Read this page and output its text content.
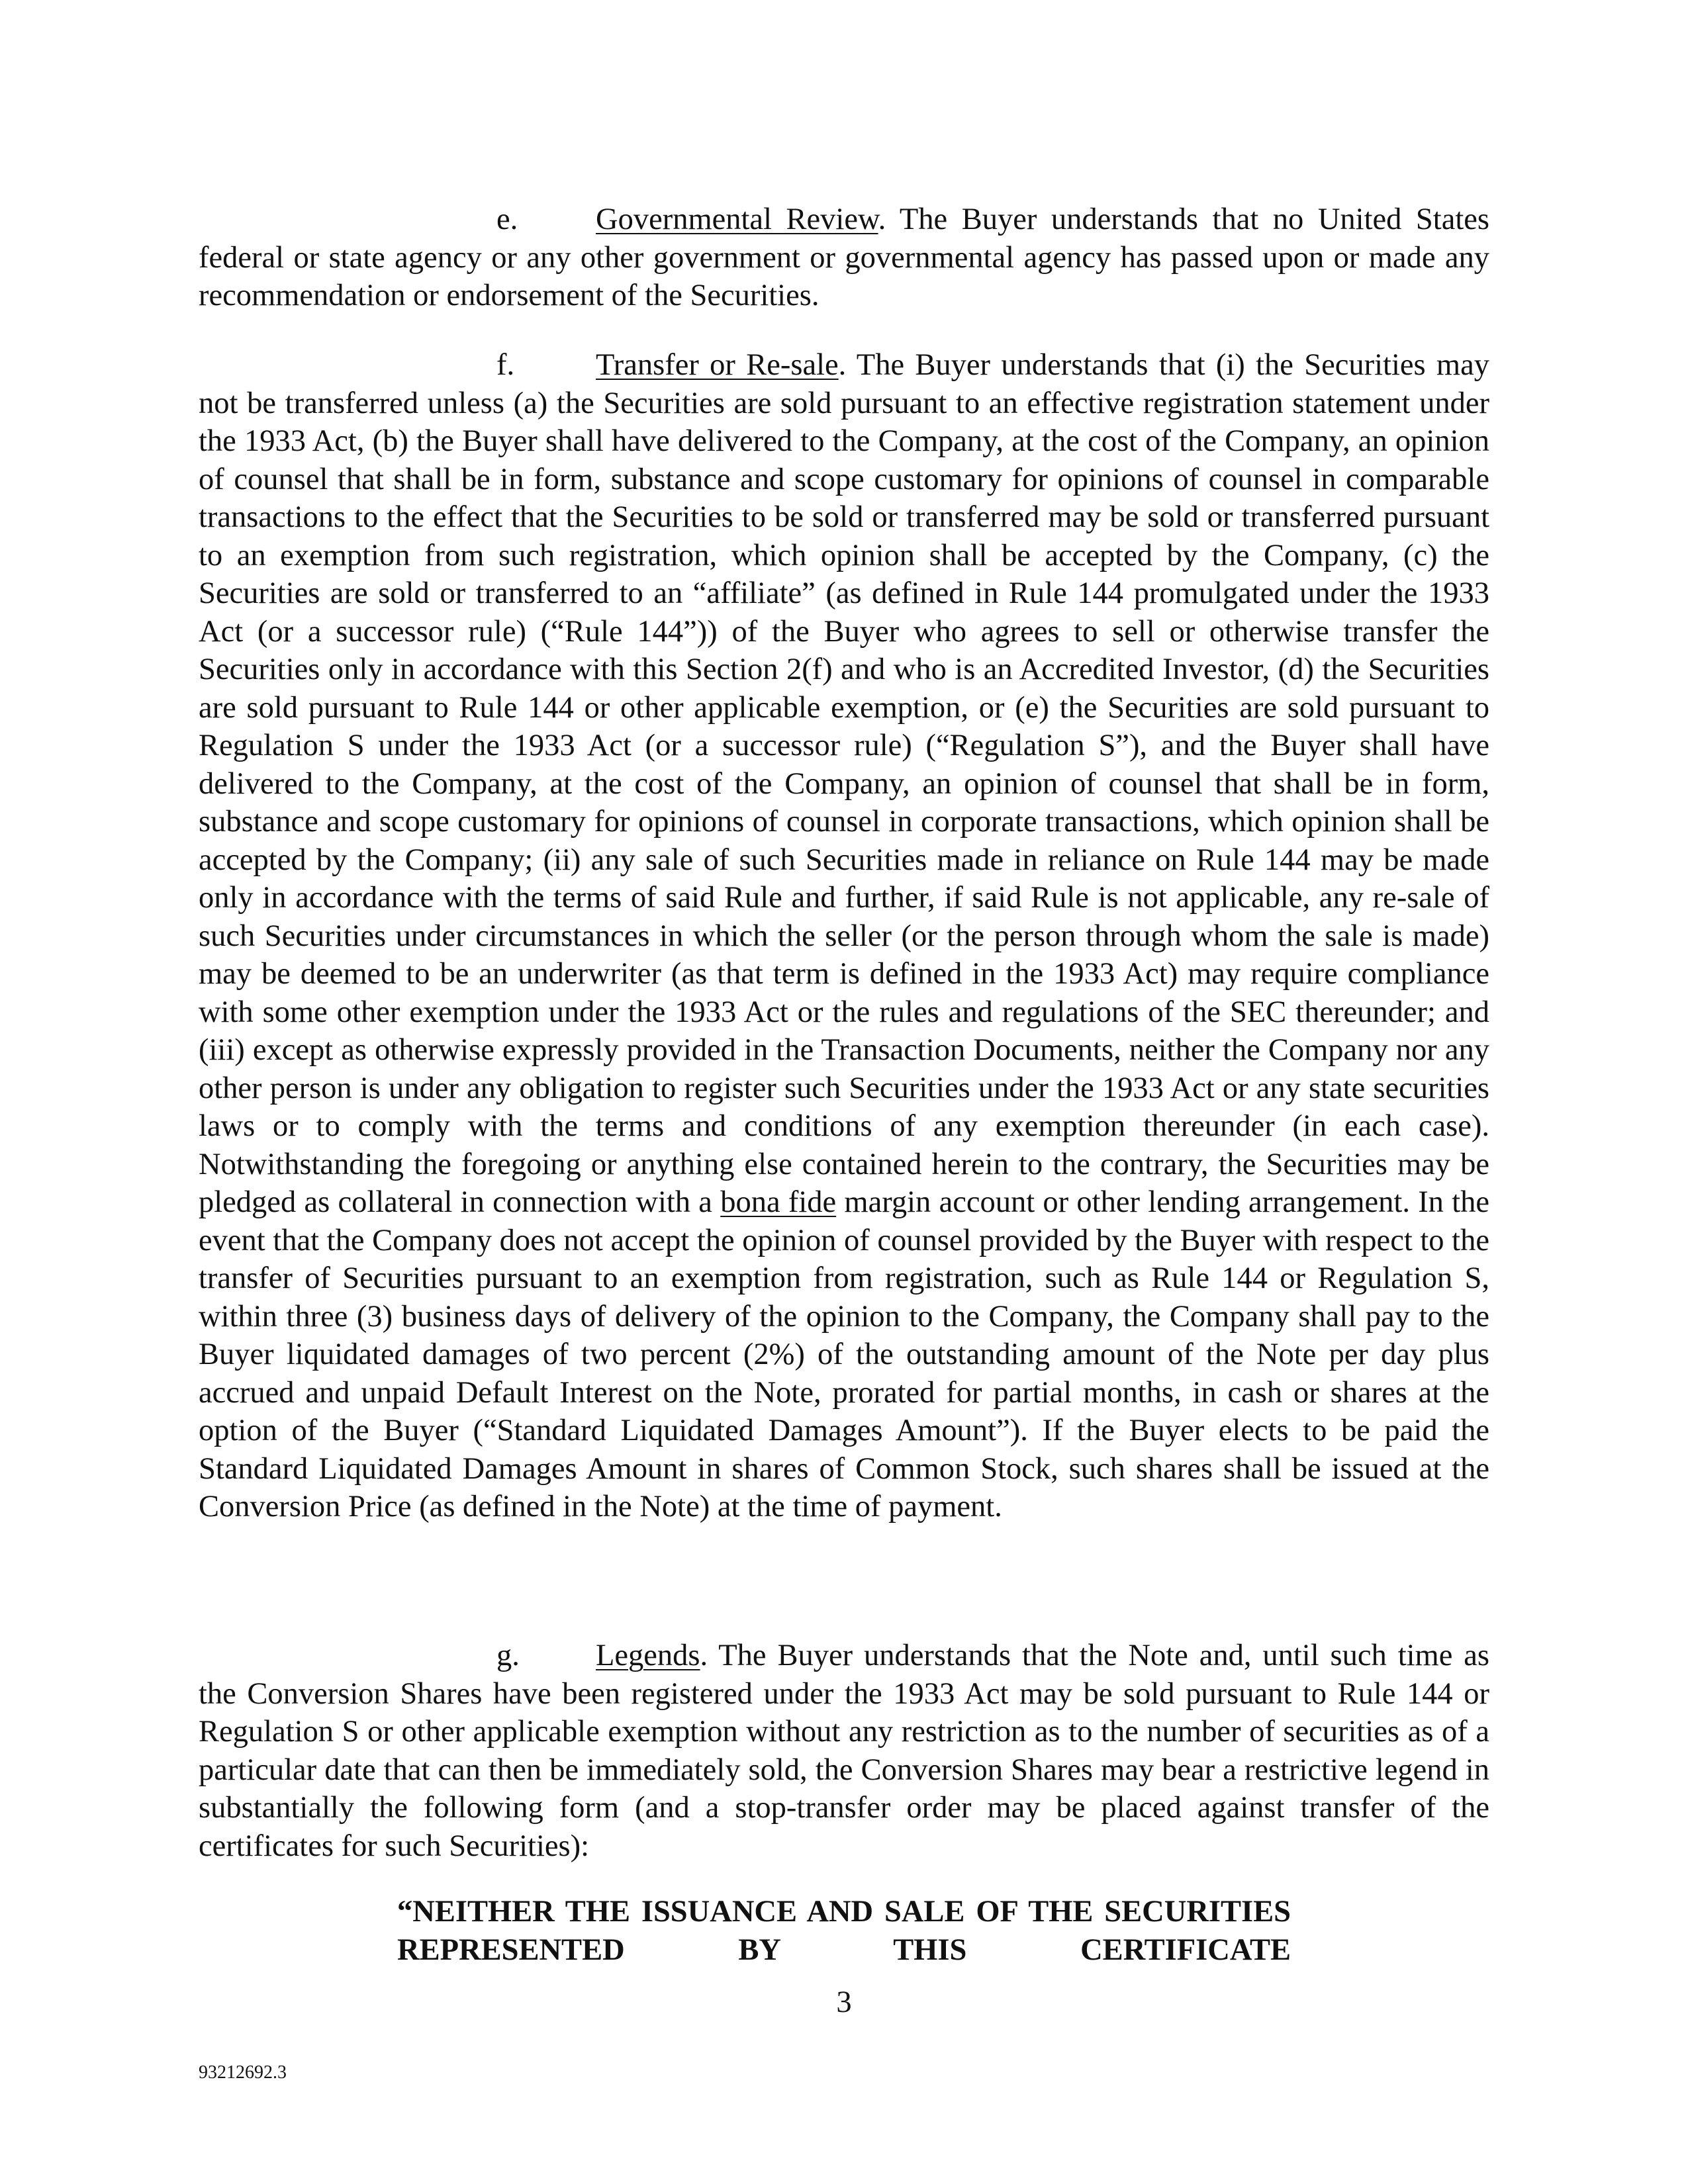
e.	Governmental Review. The Buyer understands that no United States federal or state agency or any other government or governmental agency has passed upon or made any recommendation or endorsement of the Securities.

f.	Transfer or Re-sale. The Buyer understands that (i) the Securities may not be transferred unless (a) the Securities are sold pursuant to an effective registration statement under the 1933 Act, (b) the Buyer shall have delivered to the Company, at the cost of the Company, an opinion of counsel that shall be in form, substance and scope customary for opinions of counsel in comparable transactions to the effect that the Securities to be sold or transferred may be sold or transferred pursuant to an exemption from such registration, which opinion shall be accepted by the Company, (c) the Securities are sold or transferred to an “affiliate” (as defined in Rule 144 promulgated under the 1933 Act (or a successor rule) (“Rule 144”)) of the Buyer who agrees to sell or otherwise transfer the Securities only in accordance with this Section 2(f) and who is an Accredited Investor, (d) the Securities are sold pursuant to Rule 144 or other applicable exemption, or (e) the Securities are sold pursuant to Regulation S under the 1933 Act (or a successor rule) (“Regulation S”), and the Buyer shall have delivered to the Company, at the cost of the Company, an opinion of counsel that shall be in form, substance and scope customary for opinions of counsel in corporate transactions, which opinion shall be accepted by the Company; (ii) any sale of such Securities made in reliance on Rule 144 may be made only in accordance with the terms of said Rule and further, if said Rule is not applicable, any re-sale of such Securities under circumstances in which the seller (or the person through whom the sale is made) may be deemed to be an underwriter (as that term is defined in the 1933 Act) may require compliance with some other exemption under the 1933 Act or the rules and regulations of the SEC thereunder; and (iii) except as otherwise expressly provided in the Transaction Documents, neither the Company nor any other person is under any obligation to register such Securities under the 1933 Act or any state securities laws or to comply with the terms and conditions of any exemption thereunder (in each case). Notwithstanding the foregoing or anything else contained herein to the contrary, the Securities may be pledged as collateral in connection with a bona fide margin account or other lending arrangement. In the event that the Company does not accept the opinion of counsel provided by the Buyer with respect to the transfer of Securities pursuant to an exemption from registration, such as Rule 144 or Regulation S, within three (3) business days of delivery of the opinion to the Company, the Company shall pay to the Buyer liquidated damages of two percent (2%) of the outstanding amount of the Note per day plus accrued and unpaid Default Interest on the Note, prorated for partial months, in cash or shares at the option of the Buyer (“Standard Liquidated Damages Amount”). If the Buyer elects to be paid the Standard Liquidated Damages Amount in shares of Common Stock, such shares shall be issued at the Conversion Price (as defined in the Note) at the time of payment.

g. Legends. The Buyer understands that the Note and, until such time as the Conversion Shares have been registered under the 1933 Act may be sold pursuant to Rule 144 or Regulation S or other applicable exemption without any restriction as to the number of securities as of a particular date that can then be immediately sold, the Conversion Shares may bear a restrictive legend in substantially the following form (and a stop-transfer order may be placed against transfer of the certificates for such Securities):

“NEITHER THE ISSUANCE AND SALE OF THE SECURITIES REPRESENTED BY THIS CERTIFICATE

3
93212692.3
